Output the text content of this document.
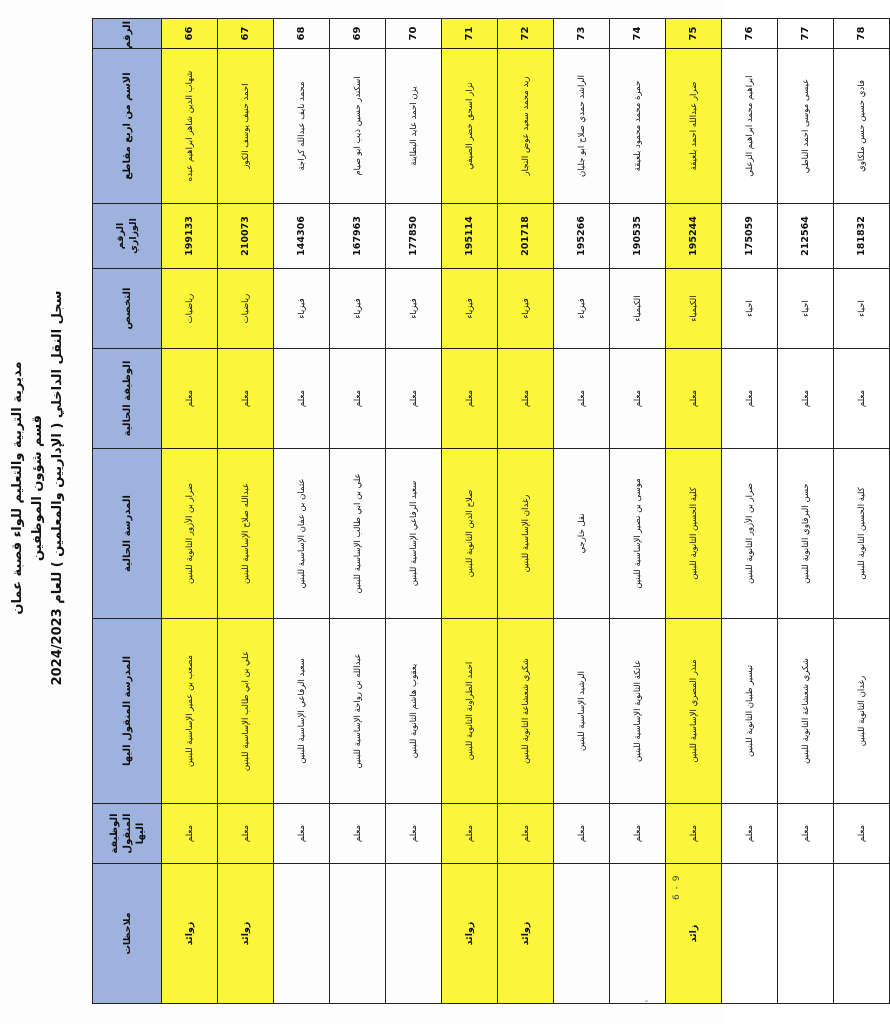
مديرية التربية والتعليم للواء قصبة عمان قسم شؤون الموظفين
سجل النقل الداخلي ( الإداريين والمعلمين ) للعام 2024/2023
الرقم	الاسم من اربع مقاطع	الرقم الوزاري	التخصص	الوظيفة الحالية	المدرسة الحالية	المدرسة المنقول اليها	الوظيفة المنقول اليها	ملاحظات
66	شهاب الدين شاهر ابراهيم عبده	199133	رياضيات	معلم	ضرار بن الأزور الثانوية للبنين	مصعب بن عمير الإساسية للبنين	معلم	زوائد
67	احمد حنيف يوسف الكوز	210073	رياضيات	معلم	عبدالله صلاح الإساسية للبنين	علي بن ابي طالب الإساسية للبنين	معلم	زوائد
68	محمد نايف عبدالله كراجة	144306	فيزياء	معلم	عثمان بن عفان الإساسية للبنين	سعيد الرفاعي الإساسية للبنين	معلم	
69	اسكندر حسين ذيب ابو صيام	167963	فيزياء	معلم	علي بن ابي طالب الإساسية للبنين	عبدالله بن رواحة الإساسية للبنين	معلم	
70	يزن احمد عايد البطاينة	177850	فيزياء	معلم	سعيد الرفاعي الإساسية للبنين	يعقوب هاشم الثانوية للبنين	معلم	
71	نزار اسحق خضر الصيفي	195114	فيزياء	معلم	صلاح الدين الثانوية للبنين	احمد الطراونة الثانوية للبنين	معلم	زوائد
72	زيد محمد سعيد عوض النجار	201718	فيزياء	معلم	رغدان الإساسية للبنين	شكري شعشاعة الثانوية للبنين	معلم	زوائد
73	الراشد حمدي صلاح ابو جليان	195266	فيزياء	معلم	نقل خارجي	الرشيد الإساسية للبنين	معلم	
74	حمزة محمد محمود بلعيقة	190535	الكيمياء	معلم	موسى بن نصير الإساسية للبنين	عاتكة الثانوية الإساسية للبنين	معلم	
75	ضرار عبدالله احمد بلعيقة	195244	الكيمياء	معلم	كلية الحسين الثانوية للبنين	منذر المصري الإساسية للبنين	معلم	زائد
76	ابراهيم محمد ابراهيم الزعلي	175059	احياء	معلم	ضرار بن الأزور الثانوية للبنين	تيسير ظبيان الثانوية للبنين	معلم	
77	عيسى موسى احمد الناطي	212564	احياء	معلم	حسن البرقاوي الثانوية للبنين	شكري شعشاعة الثانوية للبنين	معلم	
78	فادي حسين حسن ملكاوي	181832	احياء	معلم	كلية الحسين الثانوية للبنين	رغدان الثانوية للبنين	معلم	
6 - 9
ˇ
